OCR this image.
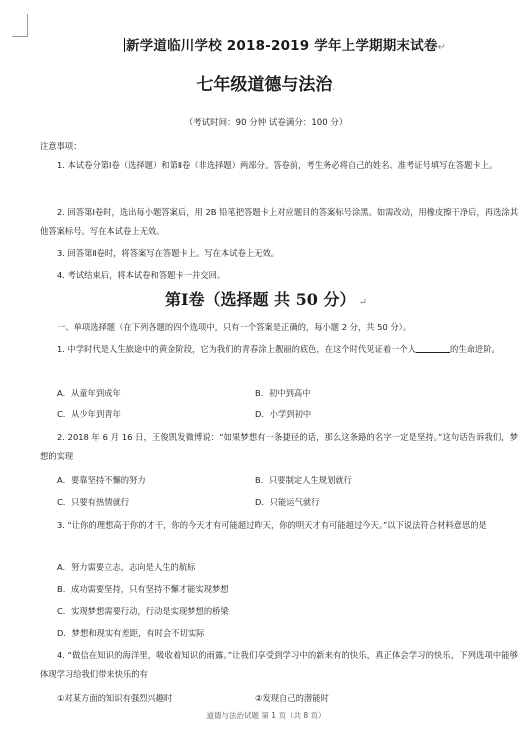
新学道临川学校 2018-2019 学年上学期期末试卷↵
七年级道德与法治.
（考试时间：90 分钟 试卷满分：100 分）
注意事项：
1. 本试卷分第Ⅰ卷（选择题）和第Ⅱ卷（非选择题）两部分。答卷前，考生务必将自己的姓名、准考证号填写在答题卡上。
2. 回答第Ⅰ卷时，选出每小题答案后，用 2B 铅笔把答题卡上对应题目的答案标号涂黑。如需改动，用橡皮擦干净后，再选涂其他答案标号。写在本试卷上无效。
3. 回答第Ⅱ卷时，将答案写在答题卡上。写在本试卷上无效。
4. 考试结束后，将本试卷和答题卡一并交回。
第Ⅰ卷（选择题 共 50 分） ↵
一、单项选择题（在下列各题的四个选项中，只有一个答案是正确的，每小题 2 分，共 50 分）。
1. 中学时代是人生旅途中的黄金阶段，它为我们的青春涂上靓丽的底色，在这个时代见证着一个人	的生命进阶。
A．从童年到成年	B．初中到高中
C．从少年到青年	D．小学到初中
2. 2018 年 6 月 16 日，王俊凯发微博说：“如果梦想有一条捷径的话，那么这条路的名字一定是坚持。”这句话告诉我们，梦想的实现
A．要靠坚持不懈的努力	B．只要制定人生规划就行
C．只要有热情就行	D．只能运气就行
3. “让你的理想高于你的才干，你的今天才有可能超过昨天，你的明天才有可能超过今天。”以下说法符合材料意思的是
A．努力需要立志，志向是人生的航标
B．成功需要坚持，只有坚持不懈才能实现梦想
C．实现梦想需要行动，行动是实现梦想的桥梁
D．梦想和现实有差距，有时会不切实际
4. “做信在知识的海洋里，吸收着知识的雨露。”让我们享受到学习中的新来有的快乐，真正体会学习的快乐，下列选项中能够体现学习给我们带来快乐的有
①对某方面的知识有强烈兴趣时	②发现自己的潜能时
道德与法治试题 第 1 页（共 8 页）
